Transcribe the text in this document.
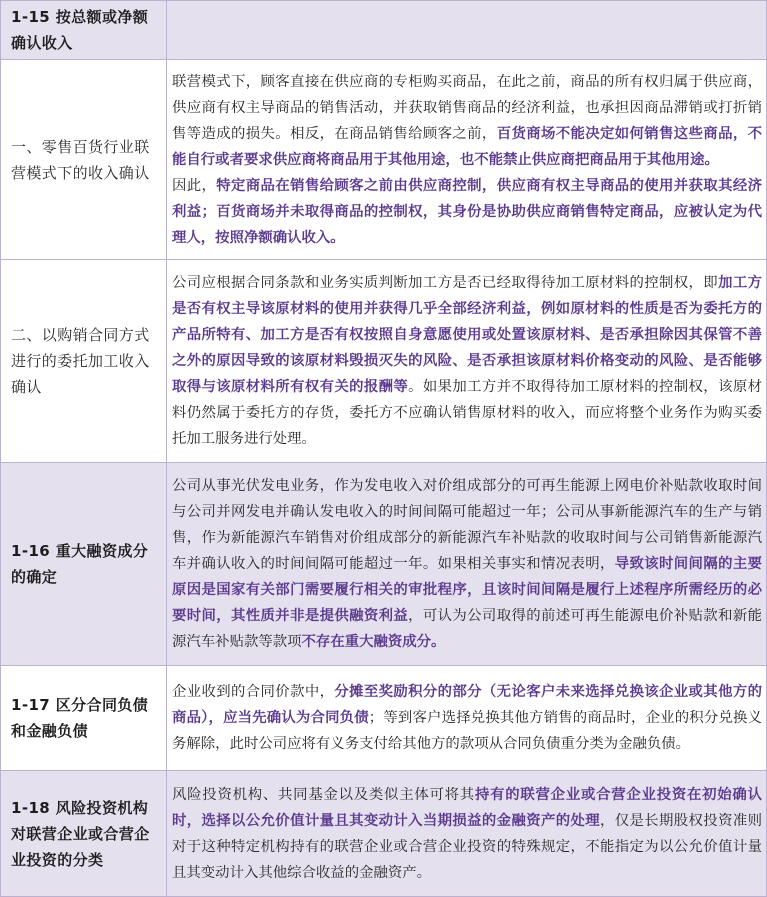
1-15 按总额或净额确认收入	
一、零售百货行业联营模式下的收入确认	联营模式下，顾客直接在供应商的专柜购买商品，在此之前，商品的所有权归属于供应商，供应商有权主导商品的销售活动，并获取销售商品的经济利益，也承担因商品滞销或打折销售等造成的损失。相反，在商品销售给顾客之前，百货商场不能决定如何销售这些商品，不能自行或者要求供应商将商品用于其他用途，也不能禁止供应商把商品用于其他用途。

因此，特定商品在销售给顾客之前由供应商控制，供应商有权主导商品的使用并获取其经济利益；百货商场并未取得商品的控制权，其身份是协助供应商销售特定商品，应被认定为代理人，按照净额确认收入。

二、以购销合同方式进行的委托加工收入确认	公司应根据合同条款和业务实质判断加工方是否已经取得待加工原材料的控制权，即加工方是否有权主导该原材料的使用并获得几乎全部经济利益，例如原材料的性质是否为委托方的产品所特有、加工方是否有权按照自身意愿使用或处置该原材料、是否承担除因其保管不善之外的原因导致的该原材料毁损灭失的风险、是否承担该原材料价格变动的风险、是否能够取得与该原材料所有权有关的报酬等。如果加工方并不取得待加工原材料的控制权，该原材料仍然属于委托方的存货，委托方不应确认销售原材料的收入，而应将整个业务作为购买委托加工服务进行处理。

1-16 重大融资成分的确定	公司从事光伏发电业务，作为发电收入对价组成部分的可再生能源上网电价补贴款收取时间与公司并网发电并确认发电收入的时间间隔可能超过一年；公司从事新能源汽车的生产与销售，作为新能源汽车销售对价组成部分的新能源汽车补贴款的收取时间与公司销售新能源汽车并确认收入的时间间隔可能超过一年。如果相关事实和情况表明，导致该时间间隔的主要原因是国家有关部门需要履行相关的审批程序，且该时间间隔是履行上述程序所需经历的必要时间，其性质并非是提供融资利益，可认为公司取得的前述可再生能源电价补贴款和新能源汽车补贴款等款项不存在重大融资成分。

1-17 区分合同负债和金融负债	企业收到的合同价款中，分摊至奖励积分的部分（无论客户未来选择兑换该企业或其他方的商品），应当先确认为合同负债；等到客户选择兑换其他方销售的商品时，企业的积分兑换义务解除，此时公司应将有义务支付给其他方的款项从合同负债重分类为金融负债。

1-18 风险投资机构对联营企业或合营企业投资的分类	风险投资机构、共同基金以及类似主体可将其持有的联营企业或合营企业投资在初始确认时，选择以公允价值计量且其变动计入当期损益的金融资产的处理，仅是长期股权投资准则对于这种特定机构持有的联营企业或合营企业投资的特殊规定，不能指定为以公允价值计量且其变动计入其他综合收益的金融资产。
